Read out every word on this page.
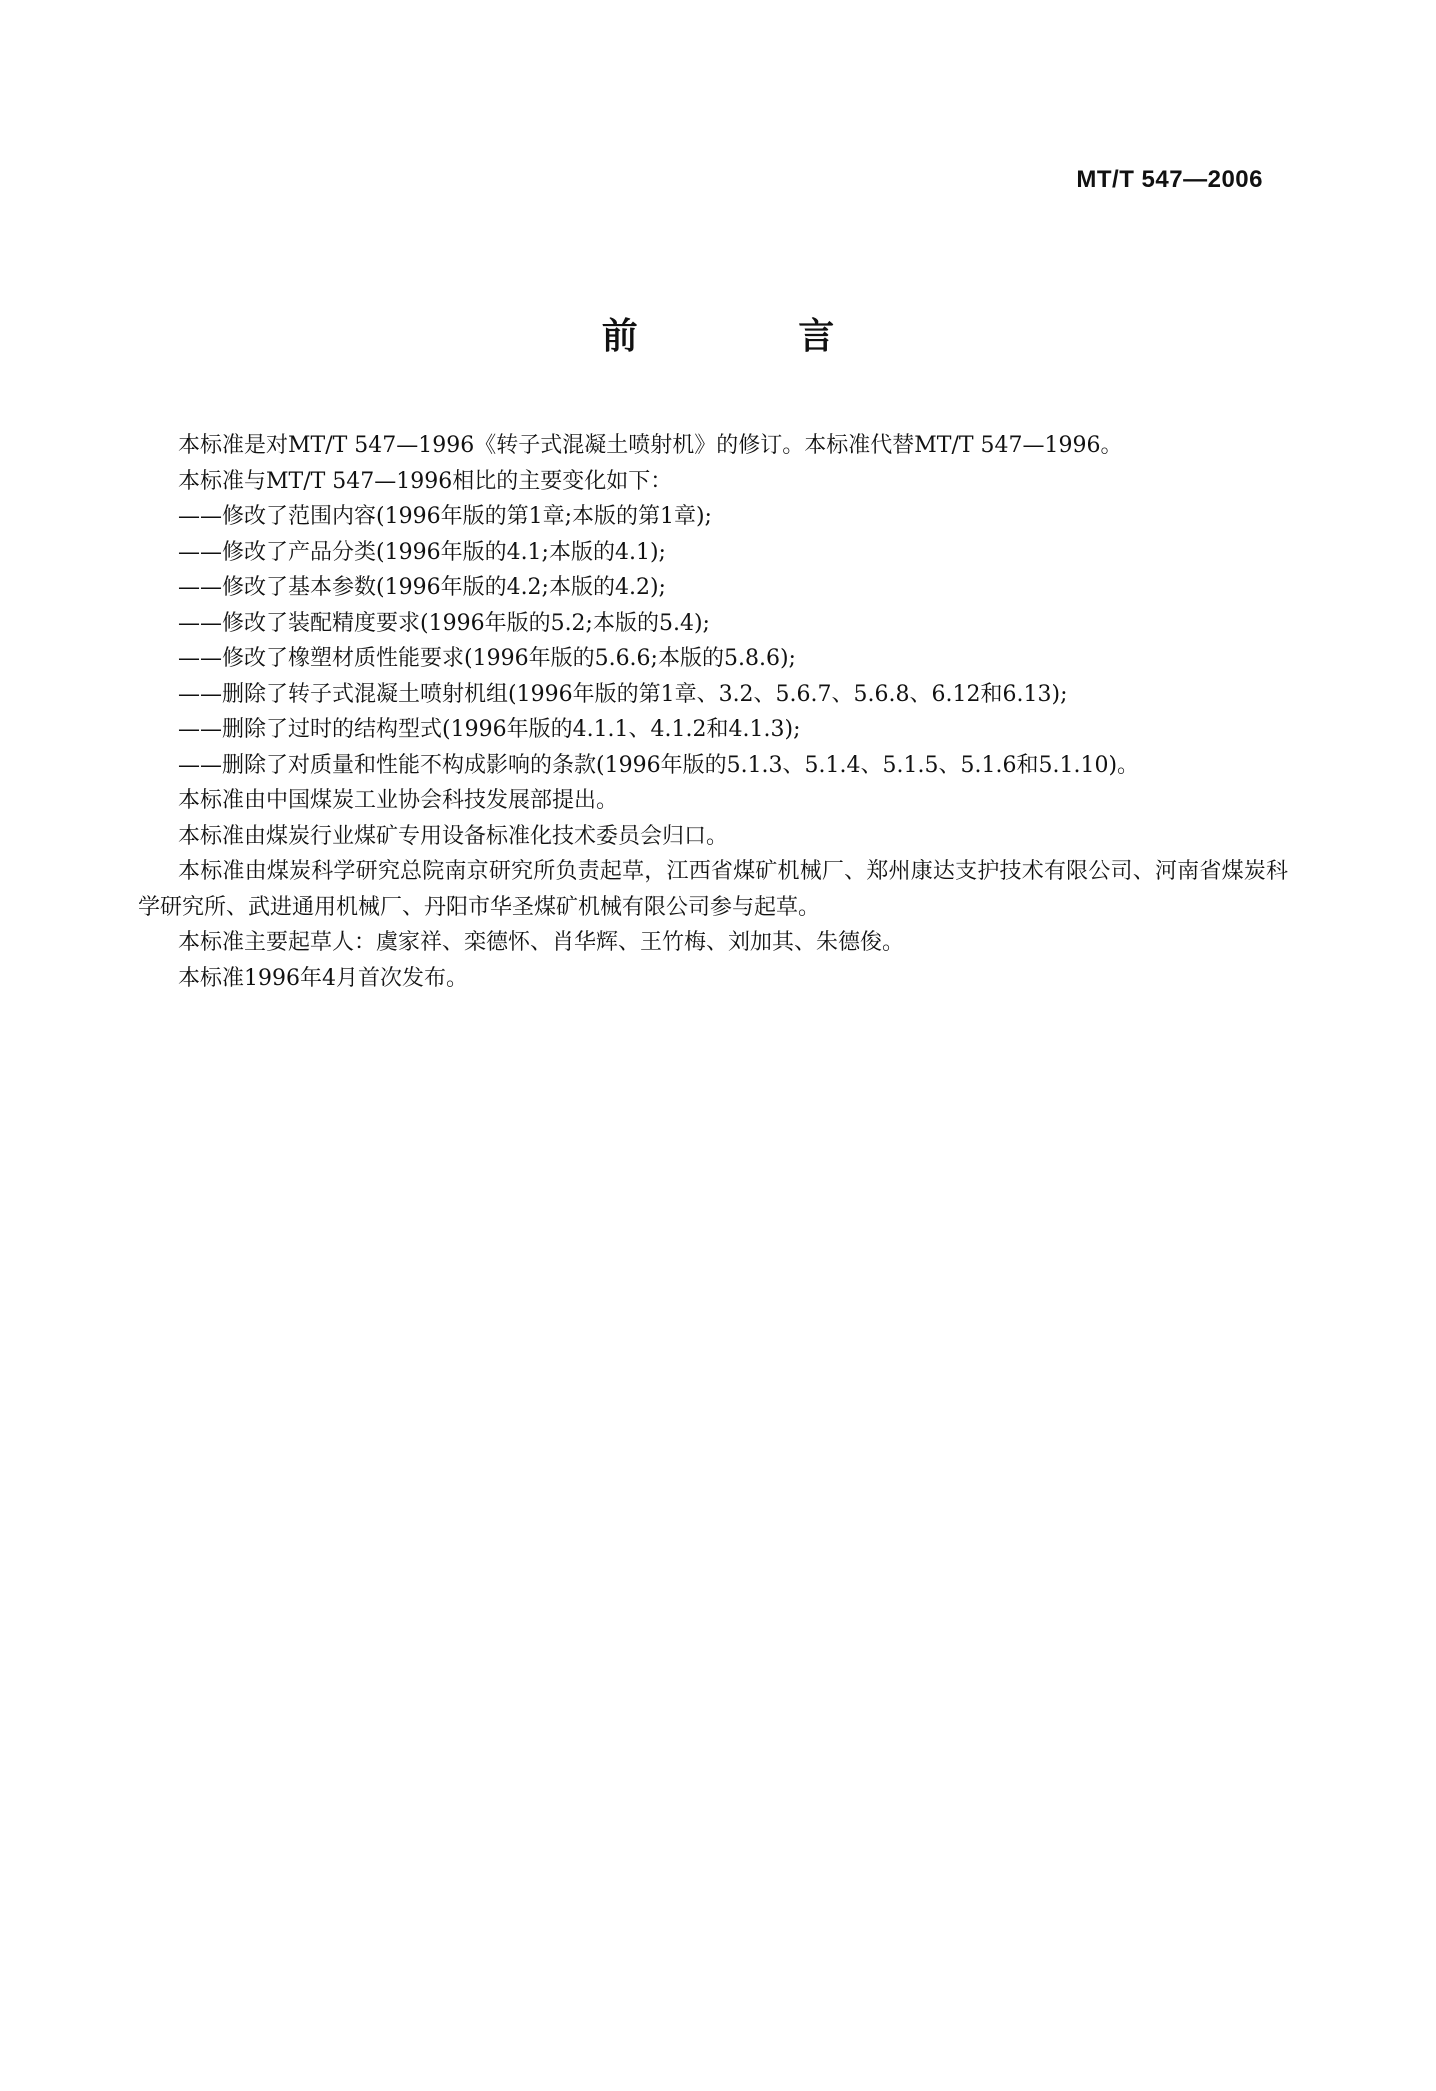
MT/T 547—2006
前 言

本标准是对MT/T 547—1996《转子式混凝土喷射机》的修订。本标准代替MT/T 547—1996。

本标准与MT/T 547—1996相比的主要变化如下：

——修改了范围内容(1996年版的第1章;本版的第1章);

——修改了产品分类(1996年版的4.1;本版的4.1);

——修改了基本参数(1996年版的4.2;本版的4.2);

——修改了装配精度要求(1996年版的5.2;本版的5.4);

——修改了橡塑材质性能要求(1996年版的5.6.6;本版的5.8.6);

——删除了转子式混凝土喷射机组(1996年版的第1章、3.2、5.6.7、5.6.8、6.12和6.13);

——删除了过时的结构型式(1996年版的4.1.1、4.1.2和4.1.3);

——删除了对质量和性能不构成影响的条款(1996年版的5.1.3、5.1.4、5.1.5、5.1.6和5.1.10)。

本标准由中国煤炭工业协会科技发展部提出。

本标准由煤炭行业煤矿专用设备标准化技术委员会归口。

本标准由煤炭科学研究总院南京研究所负责起草，江西省煤矿机械厂、郑州康达支护技术有限公司、河南省煤炭科学研究所、武进通用机械厂、丹阳市华圣煤矿机械有限公司参与起草。

本标准主要起草人：虞家祥、栾德怀、肖华辉、王竹梅、刘加其、朱德俊。

本标准1996年4月首次发布。
